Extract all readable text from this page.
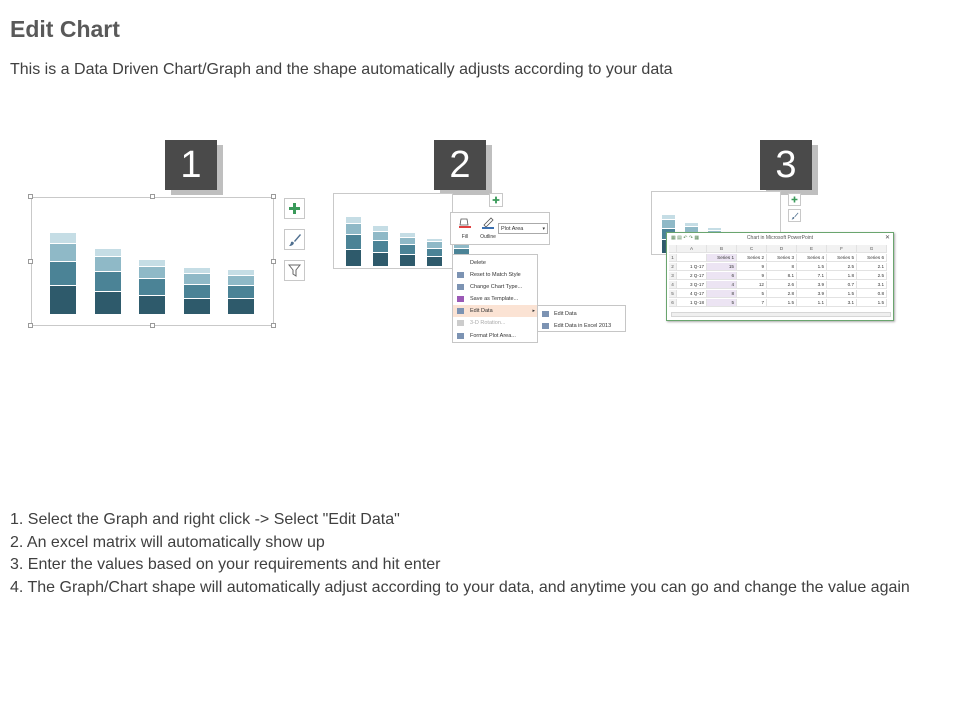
Edit Chart
This is a Data Driven Chart/Graph and the shape automatically adjusts according to your data
1	2	3
Fill	Outline
Plot Area	▾
Delete
Reset to Match Style
Change Chart Type...
Save as Template...
Edit Data	▸
3-D Rotation...
Format Plot Area...
Edit Data
Edit Data in Excel 2013
Chart in Microsoft PowerPoint
▦ ▤ ↶ ↷ ▦	✕
A	B	C	D	E	F	G
1	Series 1	Series 2	Series 3	Series 4	Series 5	Series 6
2	1 Q-17	15	9	8	1.5	2.5	2.1
3	2 Q-17	6	9	8.1	7.1	1.8	2.5
4	3 Q-17	4	12	2.6	3.9	0.7	3.1
5	4 Q-17	8	5	2.8	3.9	1.5	0.8
6	1 Q-18	5	7	1.5	1.1	3.1	1.5
1. Select the Graph and right click -> Select "Edit Data"
2. An excel matrix will automatically show up
3. Enter the values based on your requirements and hit enter
4. The Graph/Chart shape will automatically adjust according to your data, and anytime you can go and change the value again
